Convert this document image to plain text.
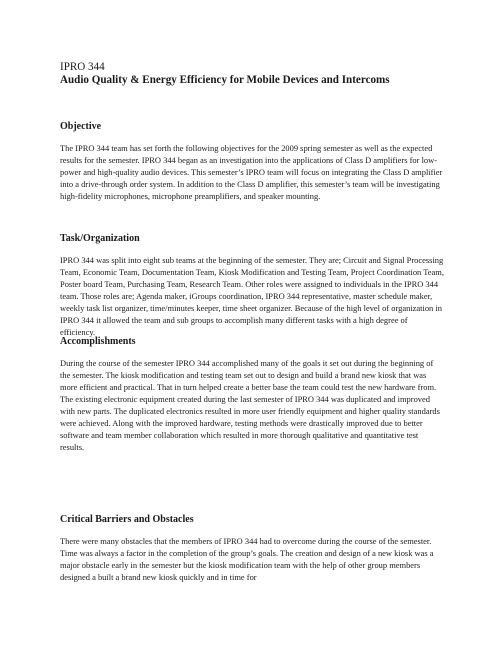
IPRO 344
Audio Quality & Energy Efficiency for Mobile Devices and Intercoms
Objective

The IPRO 344 team has set forth the following objectives for the 2009 spring semester as well as the expected results for the semester. IPRO 344 began as an investigation into the applications of Class D amplifiers for low-power and high-quality audio devices. This semester’s IPRO team will focus on integrating the Class D amplifier into a drive-through order system. In addition to the Class D amplifier, this semester’s team will be investigating high-fidelity microphones, microphone preamplifiers, and speaker mounting.

Task/Organization

IPRO 344 was split into eight sub teams at the beginning of the semester. They are; Circuit and Signal Processing Team, Economic Team, Documentation Team, Kiosk Modification and Testing Team, Project Coordination Team, Poster board Team, Purchasing Team, Research Team. Other roles were assigned to individuals in the IPRO 344 team. Those roles are; Agenda maker, iGroups coordination, IPRO 344 representative, master schedule maker, weekly task list organizer, time/minutes keeper, time sheet organizer. Because of the high level of organization in IPRO 344 it allowed the team and sub groups to accomplish many different tasks with a high degree of efficiency.

Accomplishments

During the course of the semester IPRO 344 accomplished many of the goals it set out during the beginning of the semester. The kiosk modification and testing team set out to design and build a brand new kiosk that was more efficient and practical. That in turn helped create a better base the team could test the new hardware from. The existing electronic equipment created during the last semester of IPRO 344 was duplicated and improved with new parts. The duplicated electronics resulted in more user friendly equipment and higher quality standards were achieved. Along with the improved hardware, testing methods were drastically improved due to better software and team member collaboration which resulted in more thorough qualitative and quantitative test results.

Critical Barriers and Obstacles

There were many obstacles that the members of IPRO 344 had to overcome during the course of the semester. Time was always a factor in the completion of the group’s goals. The creation and design of a new kiosk was a major obstacle early in the semester but the kiosk modification team with the help of other group members designed a built a brand new kiosk quickly and in time for
